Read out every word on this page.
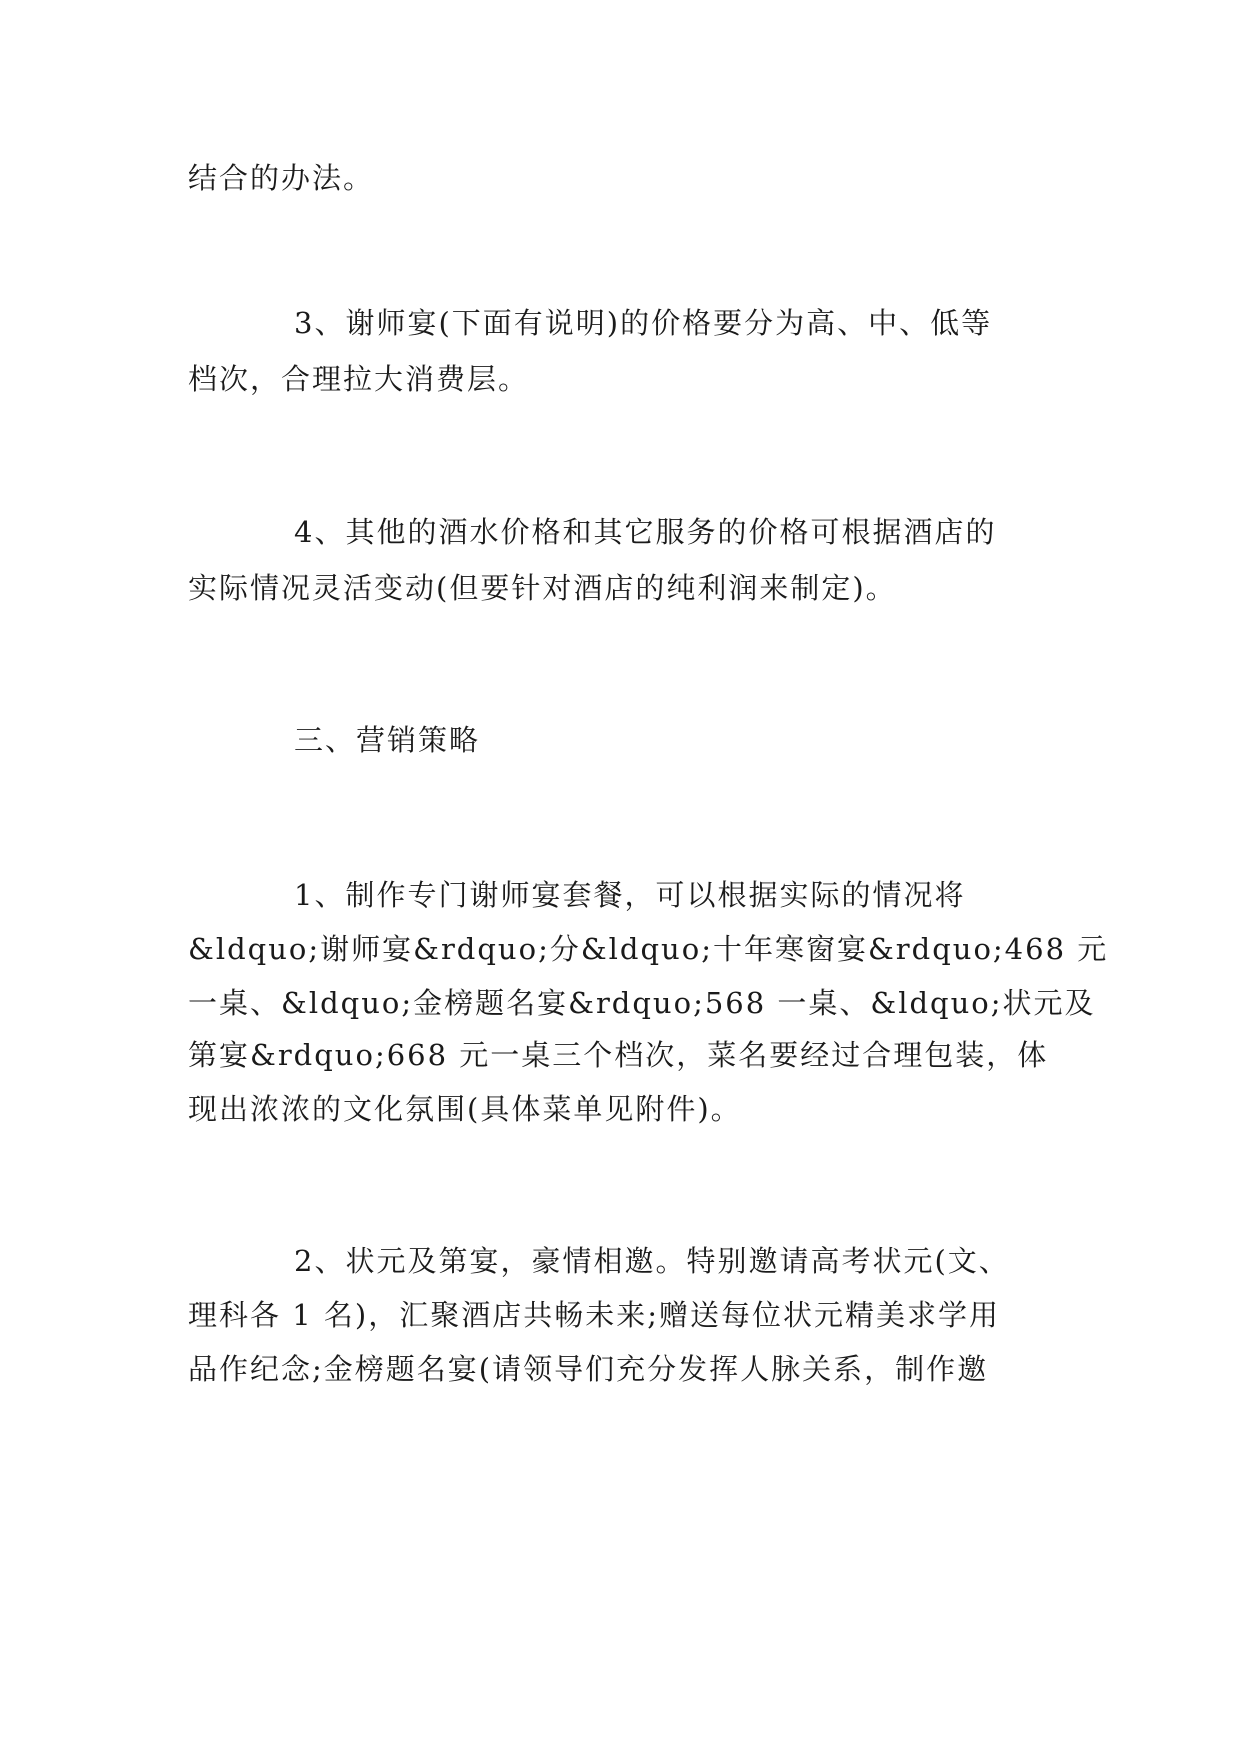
结合的办法。
3、谢师宴(下面有说明)的价格要分为高、中、低等
档次，合理拉大消费层。
4、其他的酒水价格和其它服务的价格可根据酒店的
实际情况灵活变动(但要针对酒店的纯利润来制定)。
三、营销策略
1、制作专门谢师宴套餐，可以根据实际的情况将
&ldquo;谢师宴&rdquo;分&ldquo;十年寒窗宴&rdquo;468 元
一桌、&ldquo;金榜题名宴&rdquo;568 一桌、&ldquo;状元及
第宴&rdquo;668 元一桌三个档次，菜名要经过合理包装，体
现出浓浓的文化氛围(具体菜单见附件)。
2、状元及第宴，豪情相邀。特别邀请高考状元(文、
理科各 1 名)，汇聚酒店共畅未来;赠送每位状元精美求学用
品作纪念;金榜题名宴(请领导们充分发挥人脉关系，制作邀
